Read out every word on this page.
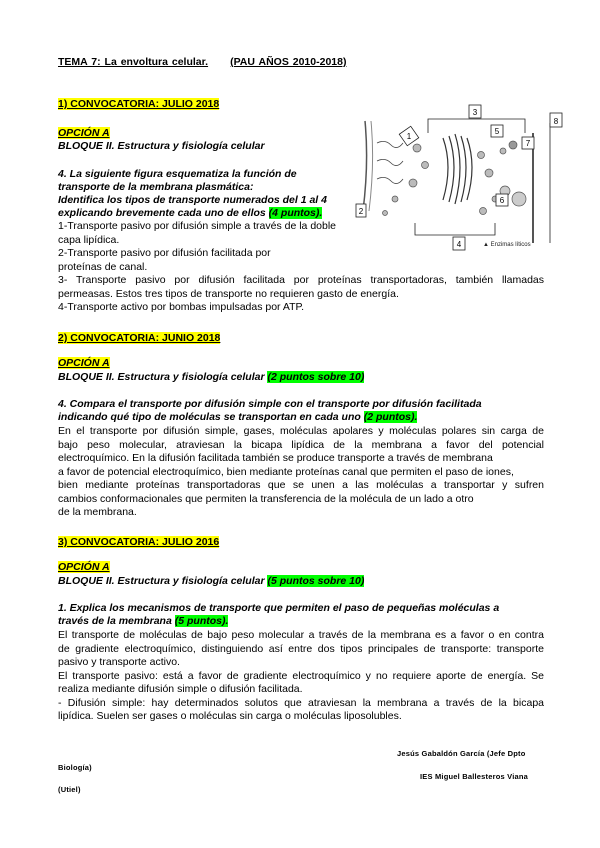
TEMA 7: La envoltura celular. (PAU AÑOS 2010-2018)
1) CONVOCATORIA: JULIO 2018
OPCIÓN A
BLOQUE II. Estructura y fisiología celular
4. La siguiente figura esquematiza la función de
transporte de la membrana plasmática:
Identifica los tipos de transporte numerados del 1 al 4
explicando brevemente cada uno de ellos (4 puntos).
1-Transporte pasivo por difusión simple a través de la doble
capa lipídica.
2-Transporte pasivo por difusión facilitada por
proteínas de canal.
3- Transporte pasivo por difusión facilitada por proteínas transportadoras, también llamadas
permeasas. Estos tres tipos de transporte no requieren gasto de energía.
4-Transporte activo por bombas impulsadas por ATP.
1
2
3
4
5
6
7
8
▲ Enzimas líticos
2) CONVOCATORIA: JUNIO 2018
OPCIÓN A
BLOQUE II. Estructura y fisiología celular (2 puntos sobre 10)
4. Compara el transporte por difusión simple con el transporte por difusión facilitada
indicando qué tipo de moléculas se transportan en cada uno (2 puntos).
En el transporte por difusión simple, gases, moléculas apolares y moléculas polares sin carga de
bajo peso molecular, atraviesan la bicapa lipídica de la membrana a favor del potencial
electroquímico. En la difusión facilitada también se produce transporte a través de membrana
a favor de potencial electroquímico, bien mediante proteínas canal que permiten el paso de iones,
bien mediante proteínas transportadoras que se unen a las moléculas a transportar y sufren
cambios conformacionales que permiten la transferencia de la molécula de un lado a otro
de la membrana.
3) CONVOCATORIA: JULIO 2016
OPCIÓN A
BLOQUE II. Estructura y fisiología celular (5 puntos sobre 10)
1. Explica los mecanismos de transporte que permiten el paso de pequeñas moléculas a
través de la membrana (5 puntos).
El transporte de moléculas de bajo peso molecular a través de la membrana es a favor o en contra
de gradiente electroquímico, distinguiendo así entre dos tipos principales de transporte: transporte
pasivo y transporte activo.
El transporte pasivo: está a favor de gradiente electroquímico y no requiere aporte de energía. Se
realiza mediante difusión simple o difusión facilitada.
- Difusión simple: hay determinados solutos que atraviesan la membrana a través de la bicapa
lipídica. Suelen ser gases o moléculas sin carga o moléculas liposolubles.
Jesús Gabaldón García (Jefe Dpto
Biología)
IES Miguel Ballesteros Viana
(Utiel)
